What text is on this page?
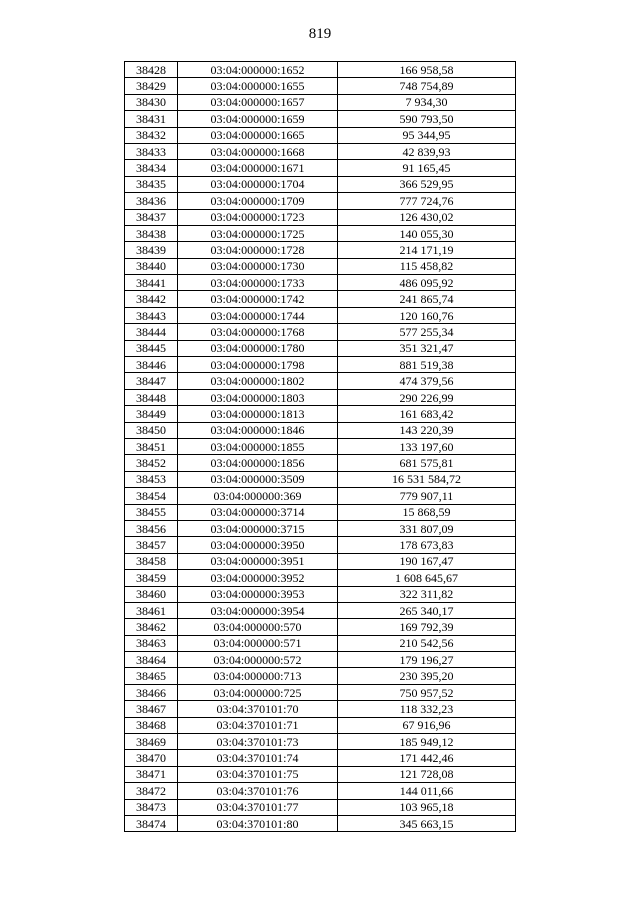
819
38428	03:04:000000:1652	166 958,58
38429	03:04:000000:1655	748 754,89
38430	03:04:000000:1657	7 934,30
38431	03:04:000000:1659	590 793,50
38432	03:04:000000:1665	95 344,95
38433	03:04:000000:1668	42 839,93
38434	03:04:000000:1671	91 165,45
38435	03:04:000000:1704	366 529,95
38436	03:04:000000:1709	777 724,76
38437	03:04:000000:1723	126 430,02
38438	03:04:000000:1725	140 055,30
38439	03:04:000000:1728	214 171,19
38440	03:04:000000:1730	115 458,82
38441	03:04:000000:1733	486 095,92
38442	03:04:000000:1742	241 865,74
38443	03:04:000000:1744	120 160,76
38444	03:04:000000:1768	577 255,34
38445	03:04:000000:1780	351 321,47
38446	03:04:000000:1798	881 519,38
38447	03:04:000000:1802	474 379,56
38448	03:04:000000:1803	290 226,99
38449	03:04:000000:1813	161 683,42
38450	03:04:000000:1846	143 220,39
38451	03:04:000000:1855	133 197,60
38452	03:04:000000:1856	681 575,81
38453	03:04:000000:3509	16 531 584,72
38454	03:04:000000:369	779 907,11
38455	03:04:000000:3714	15 868,59
38456	03:04:000000:3715	331 807,09
38457	03:04:000000:3950	178 673,83
38458	03:04:000000:3951	190 167,47
38459	03:04:000000:3952	1 608 645,67
38460	03:04:000000:3953	322 311,82
38461	03:04:000000:3954	265 340,17
38462	03:04:000000:570	169 792,39
38463	03:04:000000:571	210 542,56
38464	03:04:000000:572	179 196,27
38465	03:04:000000:713	230 395,20
38466	03:04:000000:725	750 957,52
38467	03:04:370101:70	118 332,23
38468	03:04:370101:71	67 916,96
38469	03:04:370101:73	185 949,12
38470	03:04:370101:74	171 442,46
38471	03:04:370101:75	121 728,08
38472	03:04:370101:76	144 011,66
38473	03:04:370101:77	103 965,18
38474	03:04:370101:80	345 663,15
